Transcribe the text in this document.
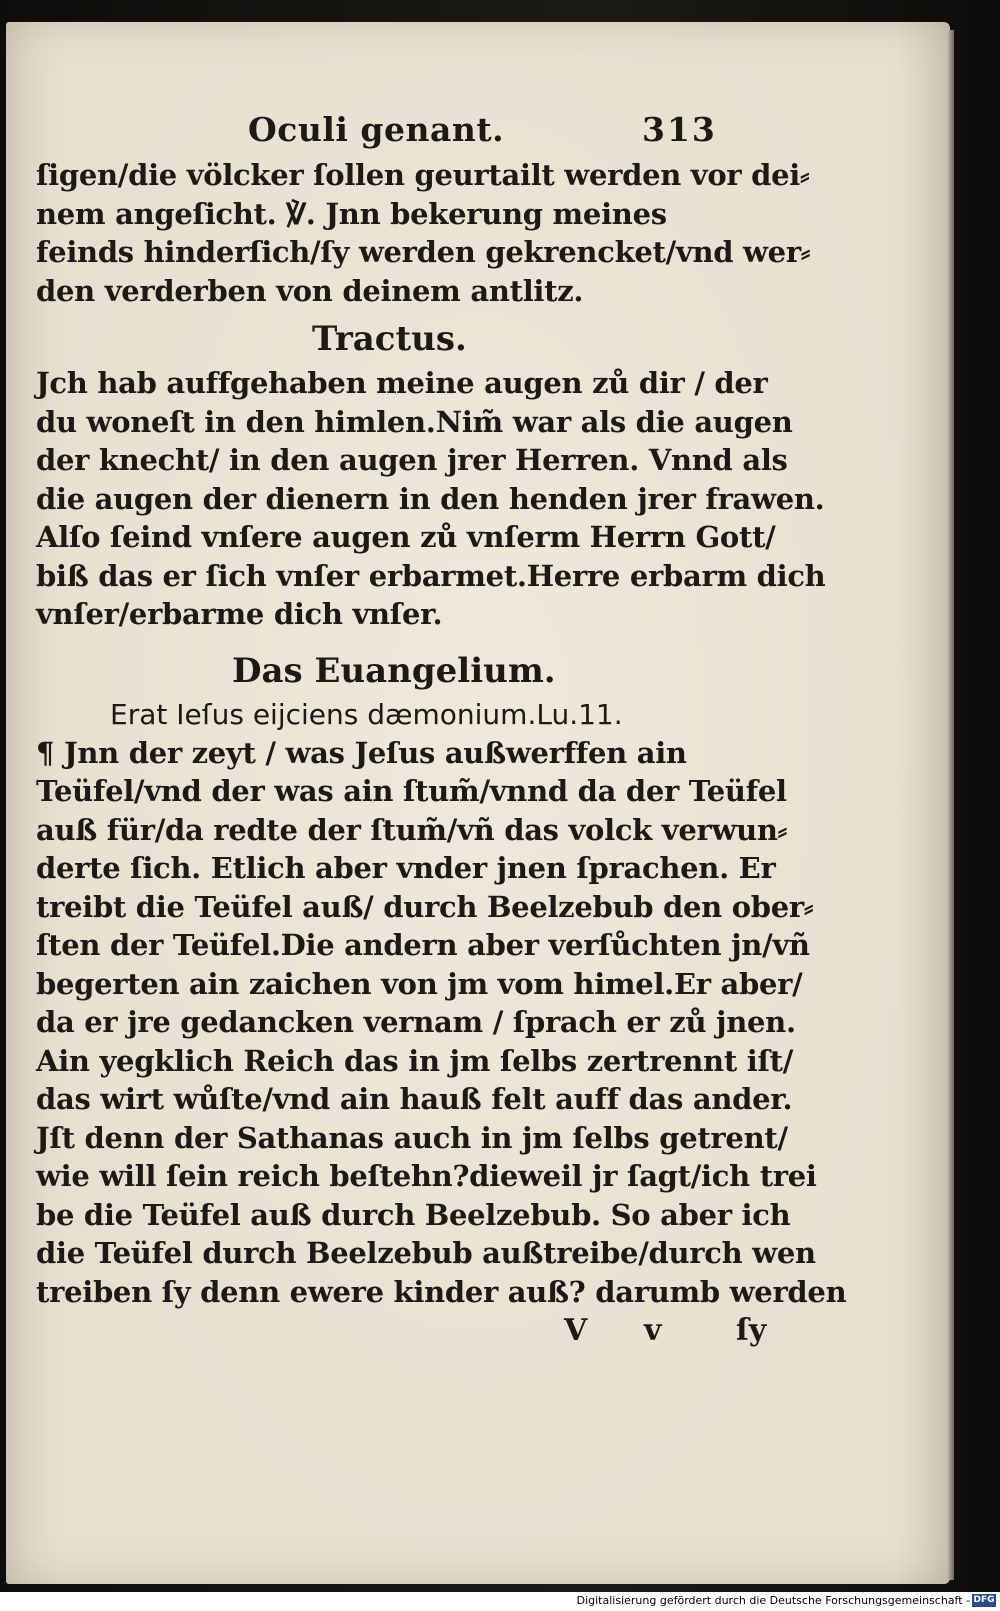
Oculi genant.	313
ſigen/die völcker ſollen geurtailt werden vor dei⸗
nem angeſicht. ℣. Jnn bekerung meines
feinds hinderſich/ſy werden gekrencket/vnd wer⸗
den verderben von deinem antlitz.
Tractus.
Jch hab auffgehaben meine augen zů dir / der
du woneſt in den himlen.Nim̃ war als die augen
der knecht/ in den augen jrer Herren. Vnnd als
die augen der dienern in den henden jrer frawen.
Alſo ſeind vnſere augen zů vnſerm Herrn Gott/
biß das er ſich vnſer erbarmet.Herre erbarm dich
vnſer/erbarme dich vnſer.
Das Euangelium.
Erat Ieſus eijciens dæmonium.Lu.11.
¶ Jnn der zeyt / was Jeſus außwerffen ain
Teüfel/vnd der was ain ſtum̃/vnnd da der Teüfel
auß für/da redte der ſtum̃/vñ das volck verwun⸗
derte ſich. Etlich aber vnder jnen ſprachen. Er
treibt die Teüfel auß/ durch Beelzebub den ober⸗
ſten der Teüfel.Die andern aber verſůchten jn/vñ
begerten ain zaichen von jm vom himel.Er aber/
da er jre gedancken vernam / ſprach er zů jnen.
Ain yegklich Reich das in jm ſelbs zertrennt iſt/
das wirt wůſte/vnd ain hauß felt auff das ander.
Jſt denn der Sathanas auch in jm ſelbs getrent/
wie will ſein reich beſtehn?dieweil jr ſagt/ich trei
be die Teüfel auß durch Beelzebub. So aber ich
die Teüfel durch Beelzebub außtreibe/durch wen
treiben ſy denn ewere kinder auß? darumb werden
V v ſy
Digitalisierung gefördert durch die Deutsche Forschungsgemeinschaft - DFG
